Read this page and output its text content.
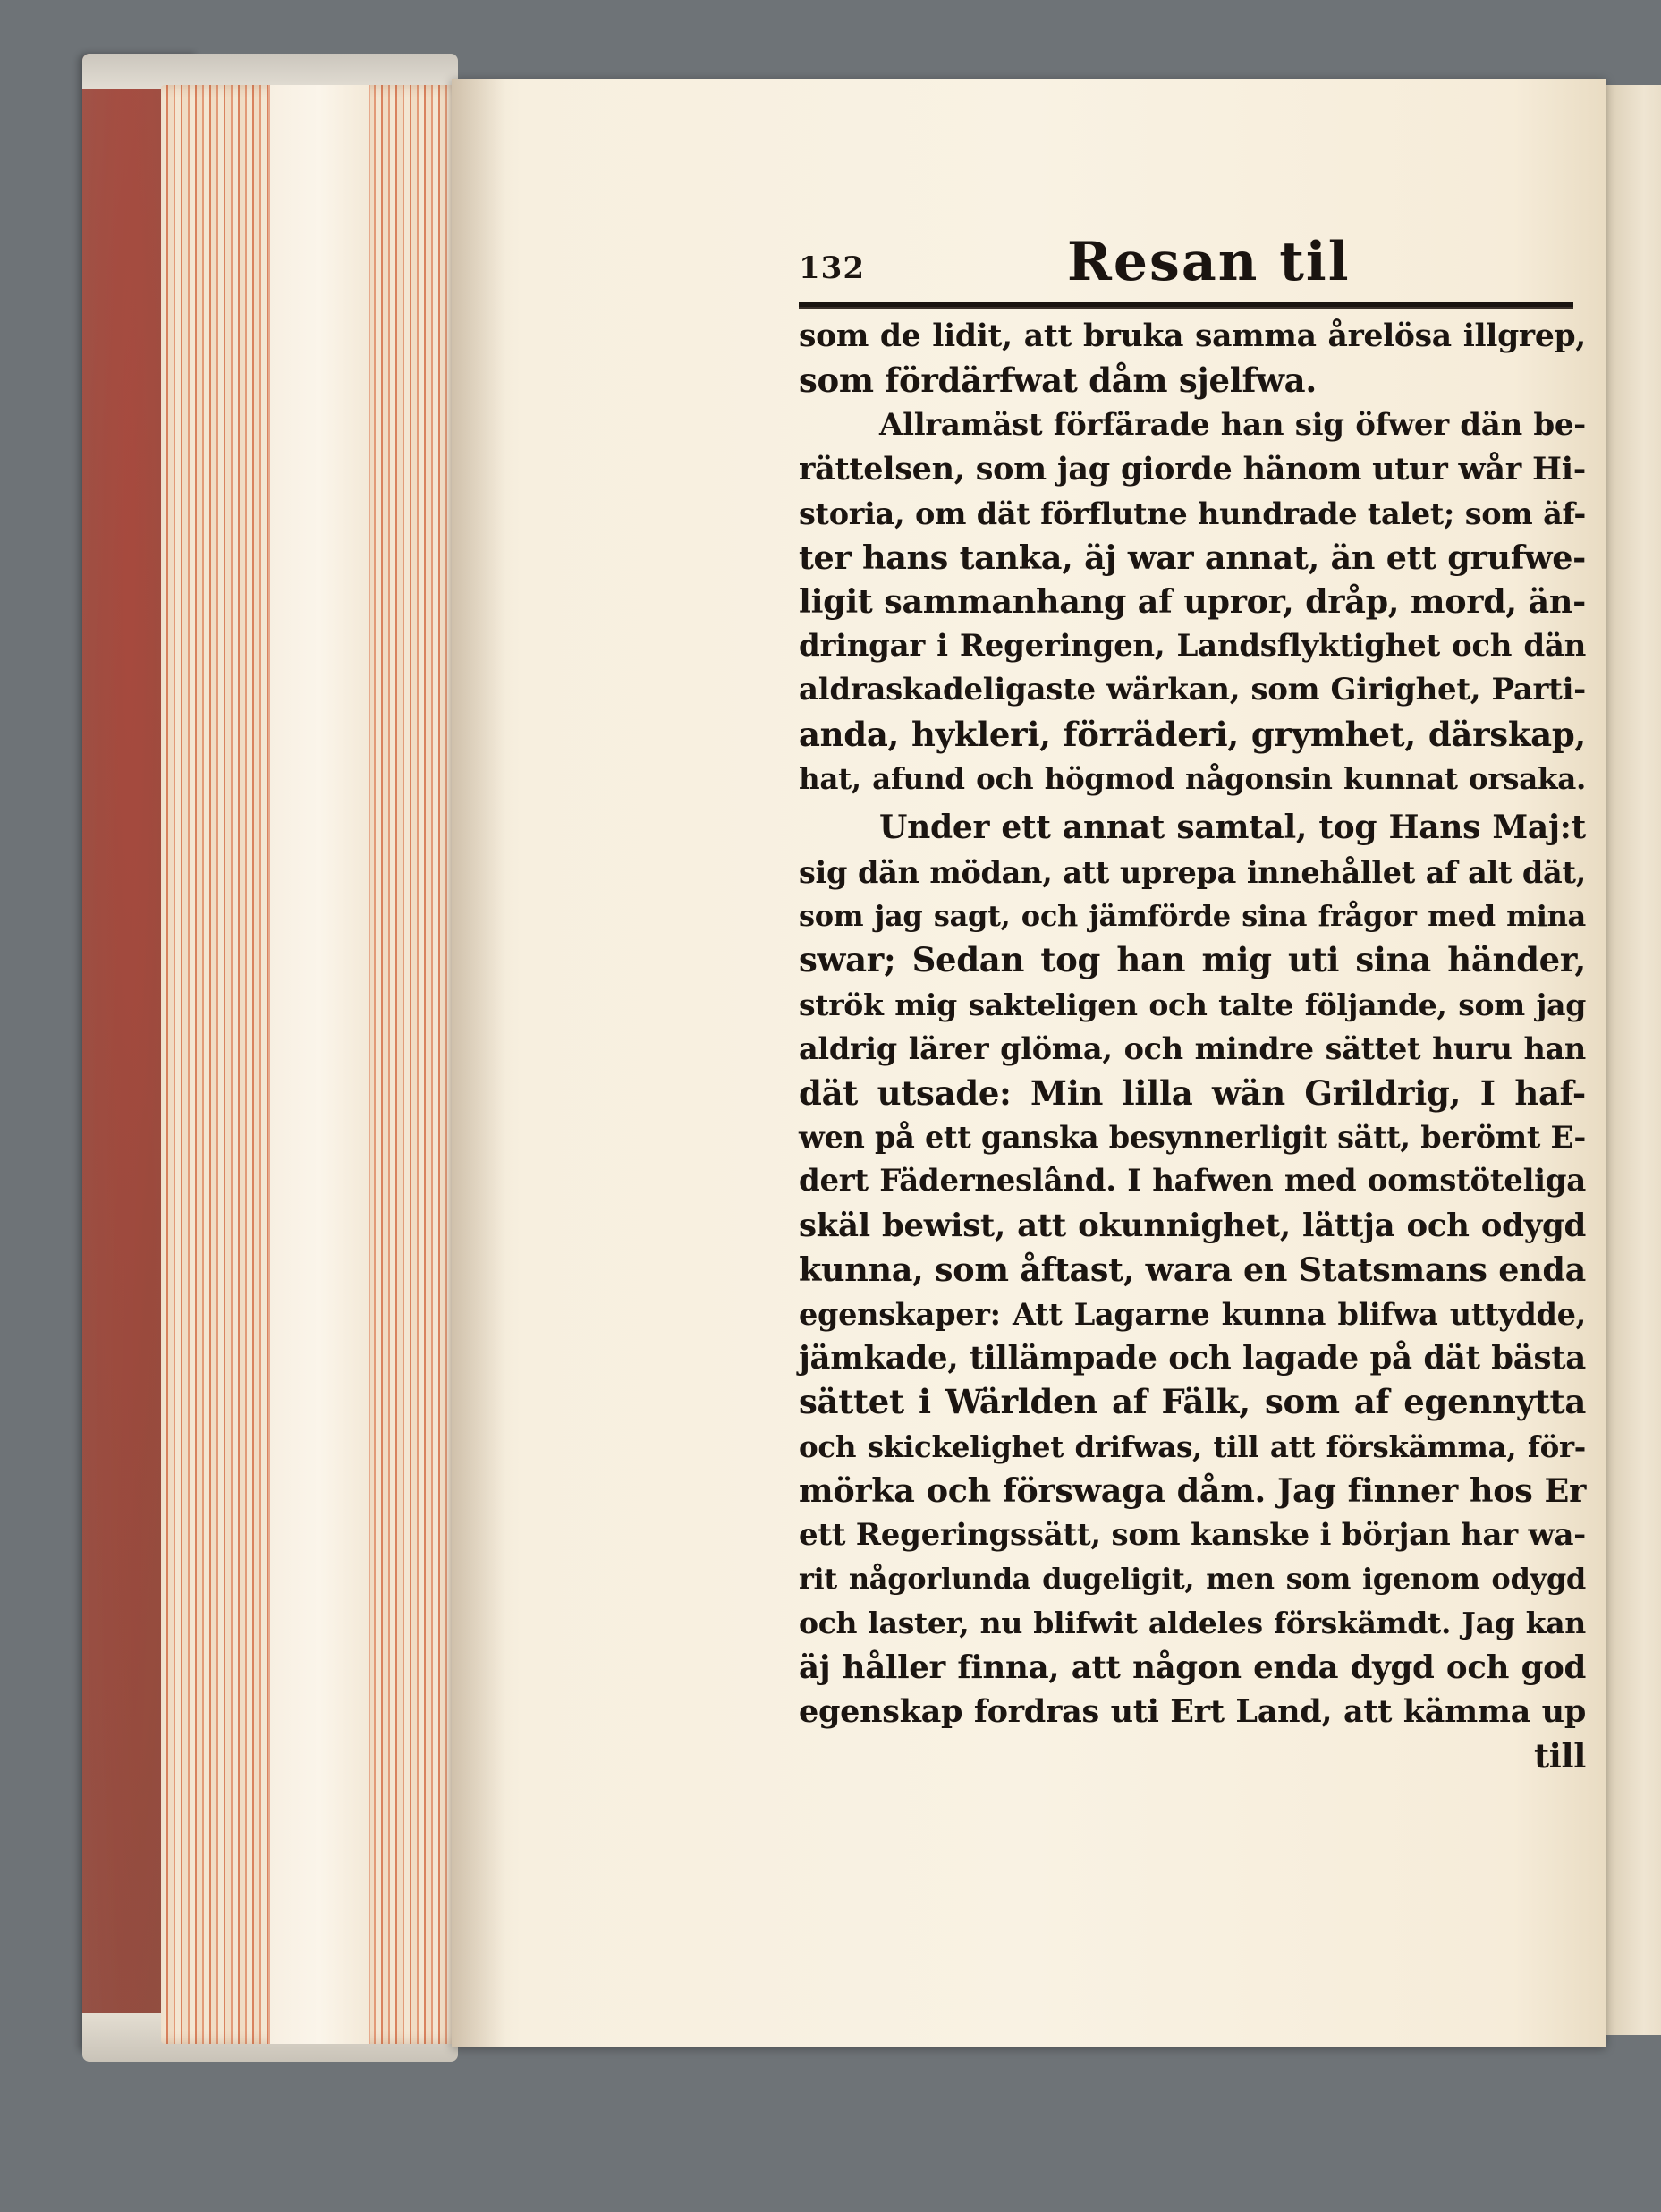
132	Resan til
som de lidit, att bruka samma årelösa illgrep,
som fördärfwat dåm sjelfwa.
Allramäst förfärade han sig öfwer dän be-
rättelsen, som jag giorde hänom utur wår Hi-
storia, om dät förflutne hundrade talet; som äf-
ter hans tanka, äj war annat, än ett grufwe-
ligit sammanhang af upror, dråp, mord, än-
dringar i Regeringen, Landsflyktighet och dän
aldraskadeligaste wärkan, som Girighet, Parti-
anda, hykleri, förräderi, grymhet, därskap,
hat, afund och högmod någonsin kunnat orsaka.
Under ett annat samtal, tog Hans Maj:t
sig dän mödan, att uprepa innehållet af alt dät,
som jag sagt, och jämförde sina frågor med mina
swar; Sedan tog han mig uti sina händer,
strök mig sakteligen och talte följande, som jag
aldrig lärer glöma, och mindre sättet huru han
dät utsade: Min lilla wän Grildrig, I haf-
wen på ett ganska besynnerligit sätt, berömt E-
dert Fäderneslând. I hafwen med oomstöteliga
skäl bewist, att okunnighet, lättja och odygd
kunna, som åftast, wara en Statsmans enda
egenskaper: Att Lagarne kunna blifwa uttydde,
jämkade, tillämpade och lagade på dät bästa
sättet i Wärlden af Fälk, som af egennytta
och skickelighet drifwas, till att förskämma, för-
mörka och förswaga dåm. Jag finner hos Er
ett Regeringssätt, som kanske i början har wa-
rit någorlunda dugeligit, men som igenom odygd
och laster, nu blifwit aldeles förskämdt. Jag kan
äj håller finna, att någon enda dygd och god
egenskap fordras uti Ert Land, att kämma up
till
